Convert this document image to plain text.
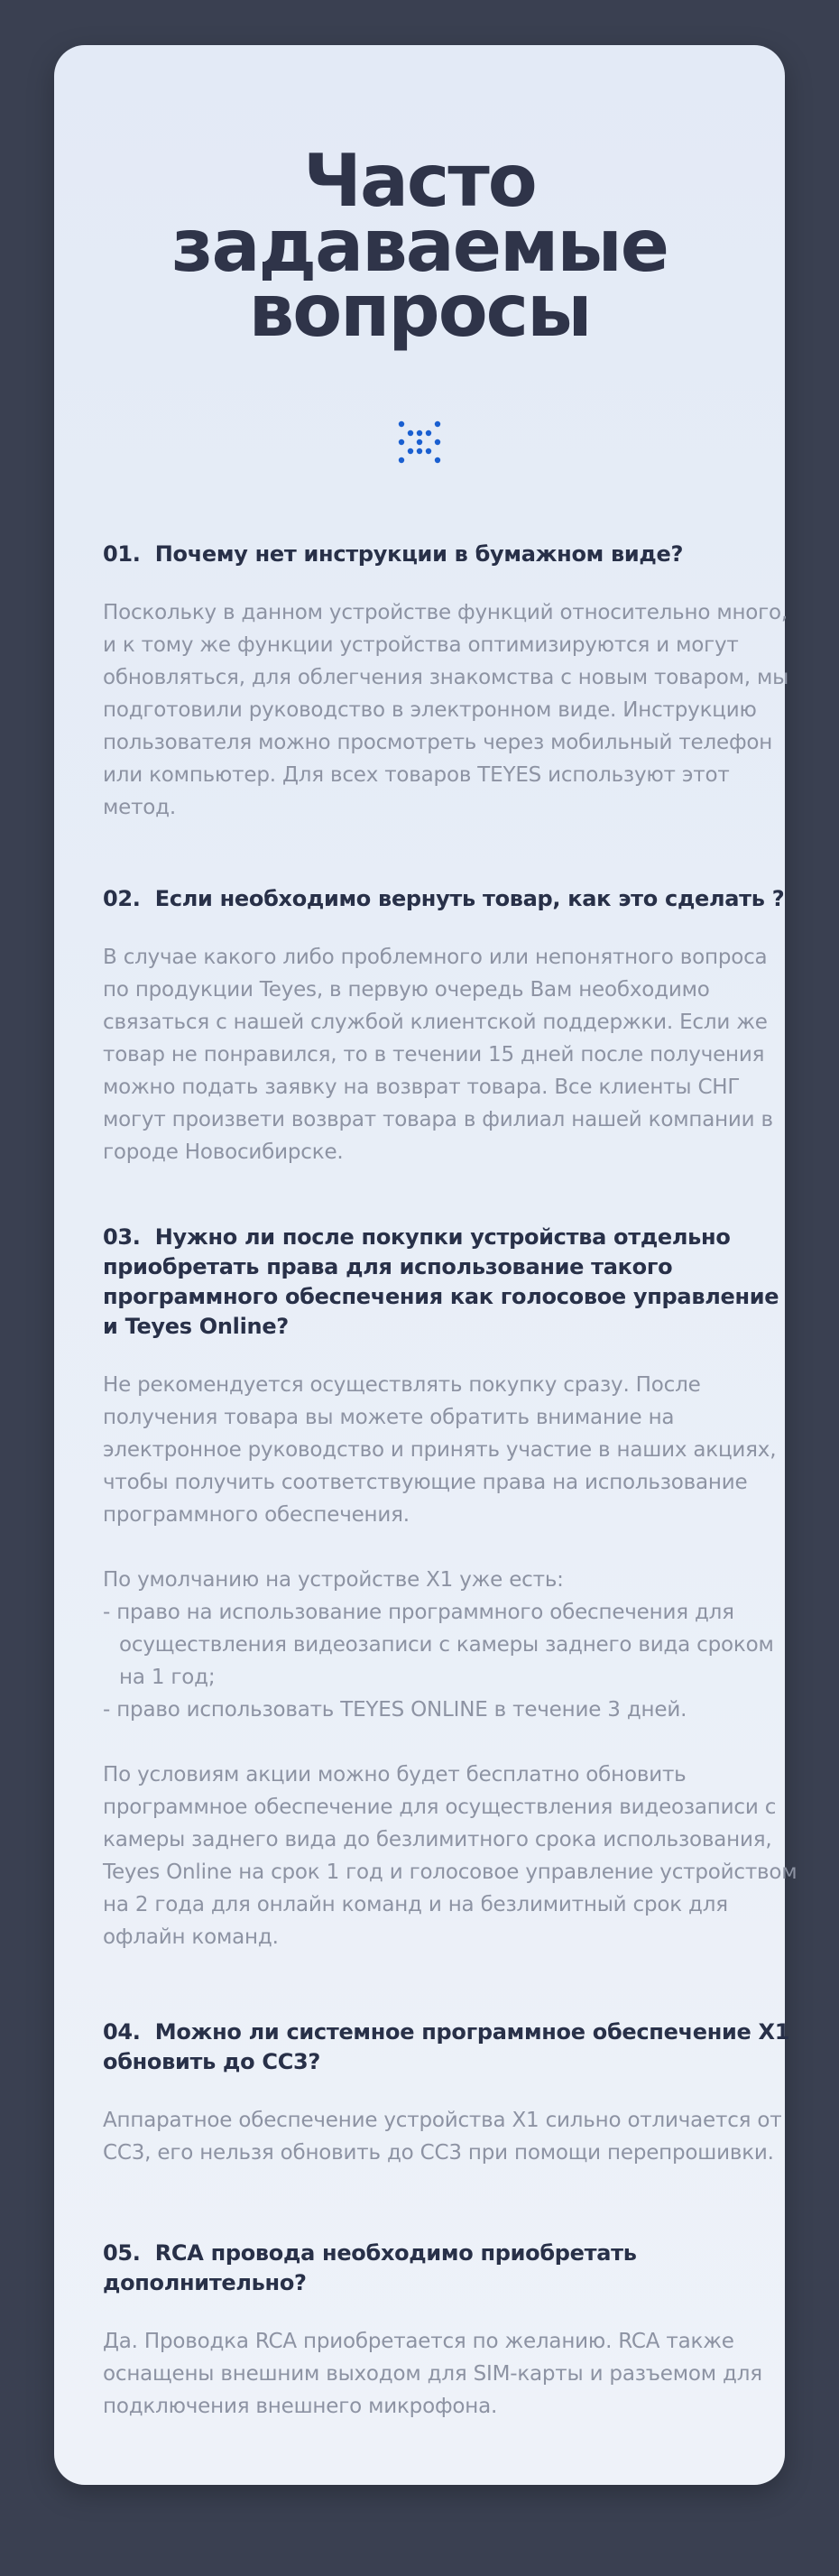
Часто
задаваемые
вопросы

01. Почему нет инструкции в бумажном виде?

Поскольку в данном устройстве функций относительно много, и к тому же функции устройства оптимизируются и могут обновляться, для облегчения знакомства с новым товаром, мы подготовили руководство в электронном виде. Инструкцию пользователя можно просмотреть через мобильный телефон или компьютер. Для всех товаров TEYES используют этот метод.

02. Если необходимо вернуть товар, как это сделать ?

В случае какого либо проблемного или непонятного вопроса по продукции Teyes, в первую очередь Вам необходимо связаться с нашей службой клиентской поддержки. Если же товар не понравился, то в течении 15 дней после получения можно подать заявку на возврат товара. Все клиенты СНГ могут произвети возврат товара в филиал нашей компании в городе Новосибирске.

03. Нужно ли после покупки устройства отдельно приобретать права для использование такого программного обеспечения как голосовое управление и Teyes Online?

Не рекомендуется осуществлять покупку сразу. После получения товара вы можете обратить внимание на электронное руководство и принять участие в наших акциях, чтобы получить соответствующие права на использование программного обеспечения.

По умолчанию на устройстве X1 уже есть:

- право на использование программного обеспечения для осуществления видеозаписи с камеры заднего вида сроком на 1 год;
- право использовать TEYES ONLINE в течение 3 дней.

По условиям акции можно будет бесплатно обновить программное обеспечение для осуществления видеозаписи с камеры заднего вида до безлимитного срока использования, Teyes Online на срок 1 год и голосовое управление устройством на 2 года для онлайн команд и на безлимитный срок для офлайн команд.

04. Можно ли системное программное обеспечение X1 обновить до CC3?

Аппаратное обеспечение устройства X1 сильно отличается от CC3, его нельзя обновить до CC3 при помощи перепрошивки.

05. RCA провода необходимо приобретать дополнительно?

Да. Проводка RCA приобретается по желанию. RCA также оснащены внешним выходом для SIM-карты и разъемом для подключения внешнего микрофона.
